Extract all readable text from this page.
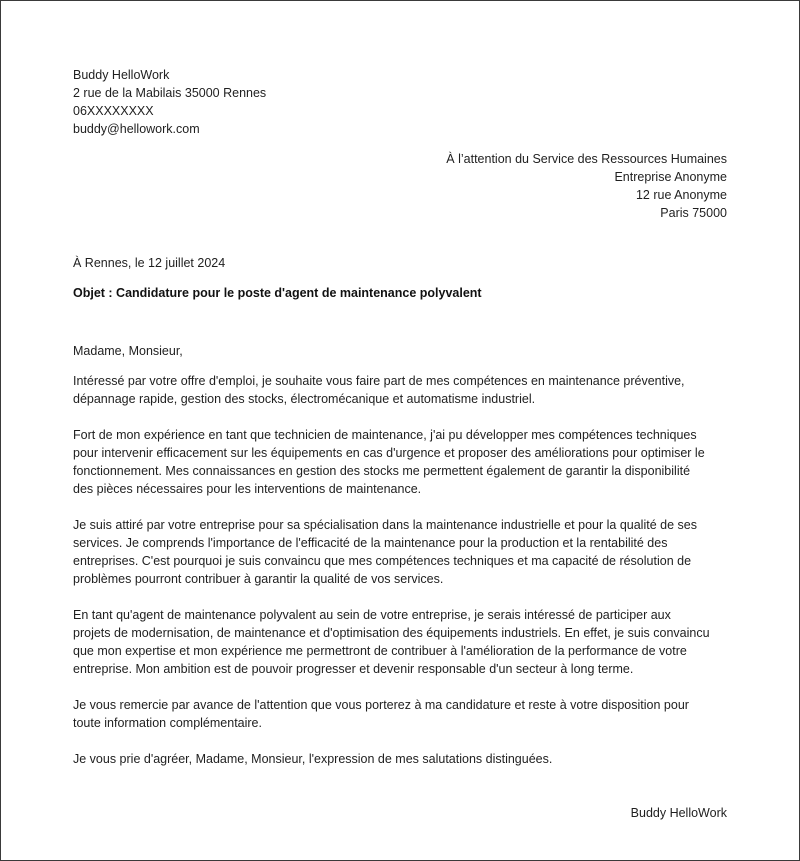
Buddy HelloWork
2 rue de la Mabilais 35000 Rennes
06XXXXXXXX
buddy@hellowork.com
À l’attention du Service des Ressources Humaines
Entreprise Anonyme
12 rue Anonyme
Paris 75000
À Rennes, le 12 juillet 2024
Objet : Candidature pour le poste d'agent de maintenance polyvalent
Madame, Monsieur,

Intéressé par votre offre d'emploi, je souhaite vous faire part de mes compétences en maintenance préventive,
dépannage rapide, gestion des stocks, électromécanique et automatisme industriel.

Fort de mon expérience en tant que technicien de maintenance, j'ai pu développer mes compétences techniques
pour intervenir efficacement sur les équipements en cas d'urgence et proposer des améliorations pour optimiser le
fonctionnement. Mes connaissances en gestion des stocks me permettent également de garantir la disponibilité
des pièces nécessaires pour les interventions de maintenance.

Je suis attiré par votre entreprise pour sa spécialisation dans la maintenance industrielle et pour la qualité de ses
services. Je comprends l'importance de l'efficacité de la maintenance pour la production et la rentabilité des
entreprises. C'est pourquoi je suis convaincu que mes compétences techniques et ma capacité de résolution de
problèmes pourront contribuer à garantir la qualité de vos services.

En tant qu'agent de maintenance polyvalent au sein de votre entreprise, je serais intéressé de participer aux
projets de modernisation, de maintenance et d'optimisation des équipements industriels. En effet, je suis convaincu
que mon expertise et mon expérience me permettront de contribuer à l'amélioration de la performance de votre
entreprise. Mon ambition est de pouvoir progresser et devenir responsable d'un secteur à long terme.

Je vous remercie par avance de l'attention que vous porterez à ma candidature et reste à votre disposition pour
toute information complémentaire.

Je vous prie d'agréer, Madame, Monsieur, l'expression de mes salutations distinguées.

Buddy HelloWork
